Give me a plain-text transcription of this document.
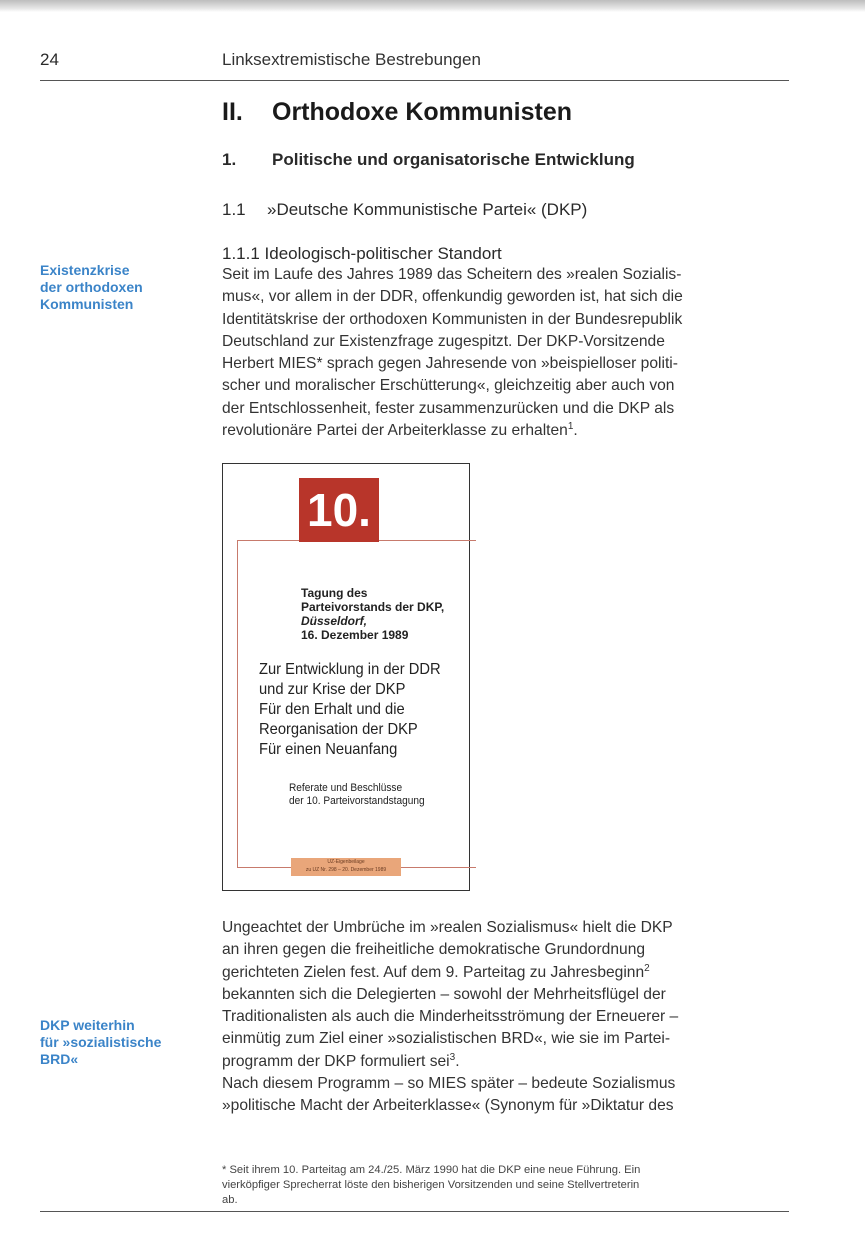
24	Linksextremistische Bestrebungen
II. Orthodoxe Kommunisten
1. Politische und organisatorische Entwicklung
1.1 »Deutsche Kommunistische Partei« (DKP)
1.1.1 Ideologisch-politischer Standort
Existenzkrise
der orthodoxen
Kommunisten
Seit im Laufe des Jahres 1989 das Scheitern des »realen Sozialis-
mus«, vor allem in der DDR, offenkundig geworden ist, hat sich die
Identitätskrise der orthodoxen Kommunisten in der Bundesrepublik
Deutschland zur Existenzfrage zugespitzt. Der DKP-Vorsitzende
Herbert MIES* sprach gegen Jahresende von »beispielloser politi-
scher und moralischer Erschütterung«, gleichzeitig aber auch von
der Entschlossenheit, fester zusammenzurücken und die DKP als
revolutionäre Partei der Arbeiterklasse zu erhalten$^1$.
10.
Tagung des
Parteivorstands der DKP,
Düsseldorf,
16. Dezember 1989
Zur Entwicklung in der DDR
und zur Krise der DKP
Für den Erhalt und die
Reorganisation der DKP
Für einen Neuanfang
Referate und Beschlüsse
der 10. Parteivorstandstagung
UZ-Eigenbeilage
zu UZ Nr. 298 – 20. Dezember 1989
Ungeachtet der Umbrüche im »realen Sozialismus« hielt die DKP
an ihren gegen die freiheitliche demokratische Grundordnung
gerichteten Zielen fest. Auf dem 9. Parteitag zu Jahresbeginn$^2$
bekannten sich die Delegierten – sowohl der Mehrheitsflügel der
Traditionalisten als auch die Minderheitsströmung der Erneuerer –
einmütig zum Ziel einer »sozialistischen BRD«, wie sie im Partei-
programm der DKP formuliert sei$^3$.
Nach diesem Programm – so MIES später – bedeute Sozialismus
»politische Macht der Arbeiterklasse« (Synonym für »Diktatur des
DKP weiterhin
für »sozialistische
BRD«
* Seit ihrem 10. Parteitag am 24./25. März 1990 hat die DKP eine neue Führung. Ein
vierköpfiger Sprecherrat löste den bisherigen Vorsitzenden und seine Stellvertreterin
ab.
